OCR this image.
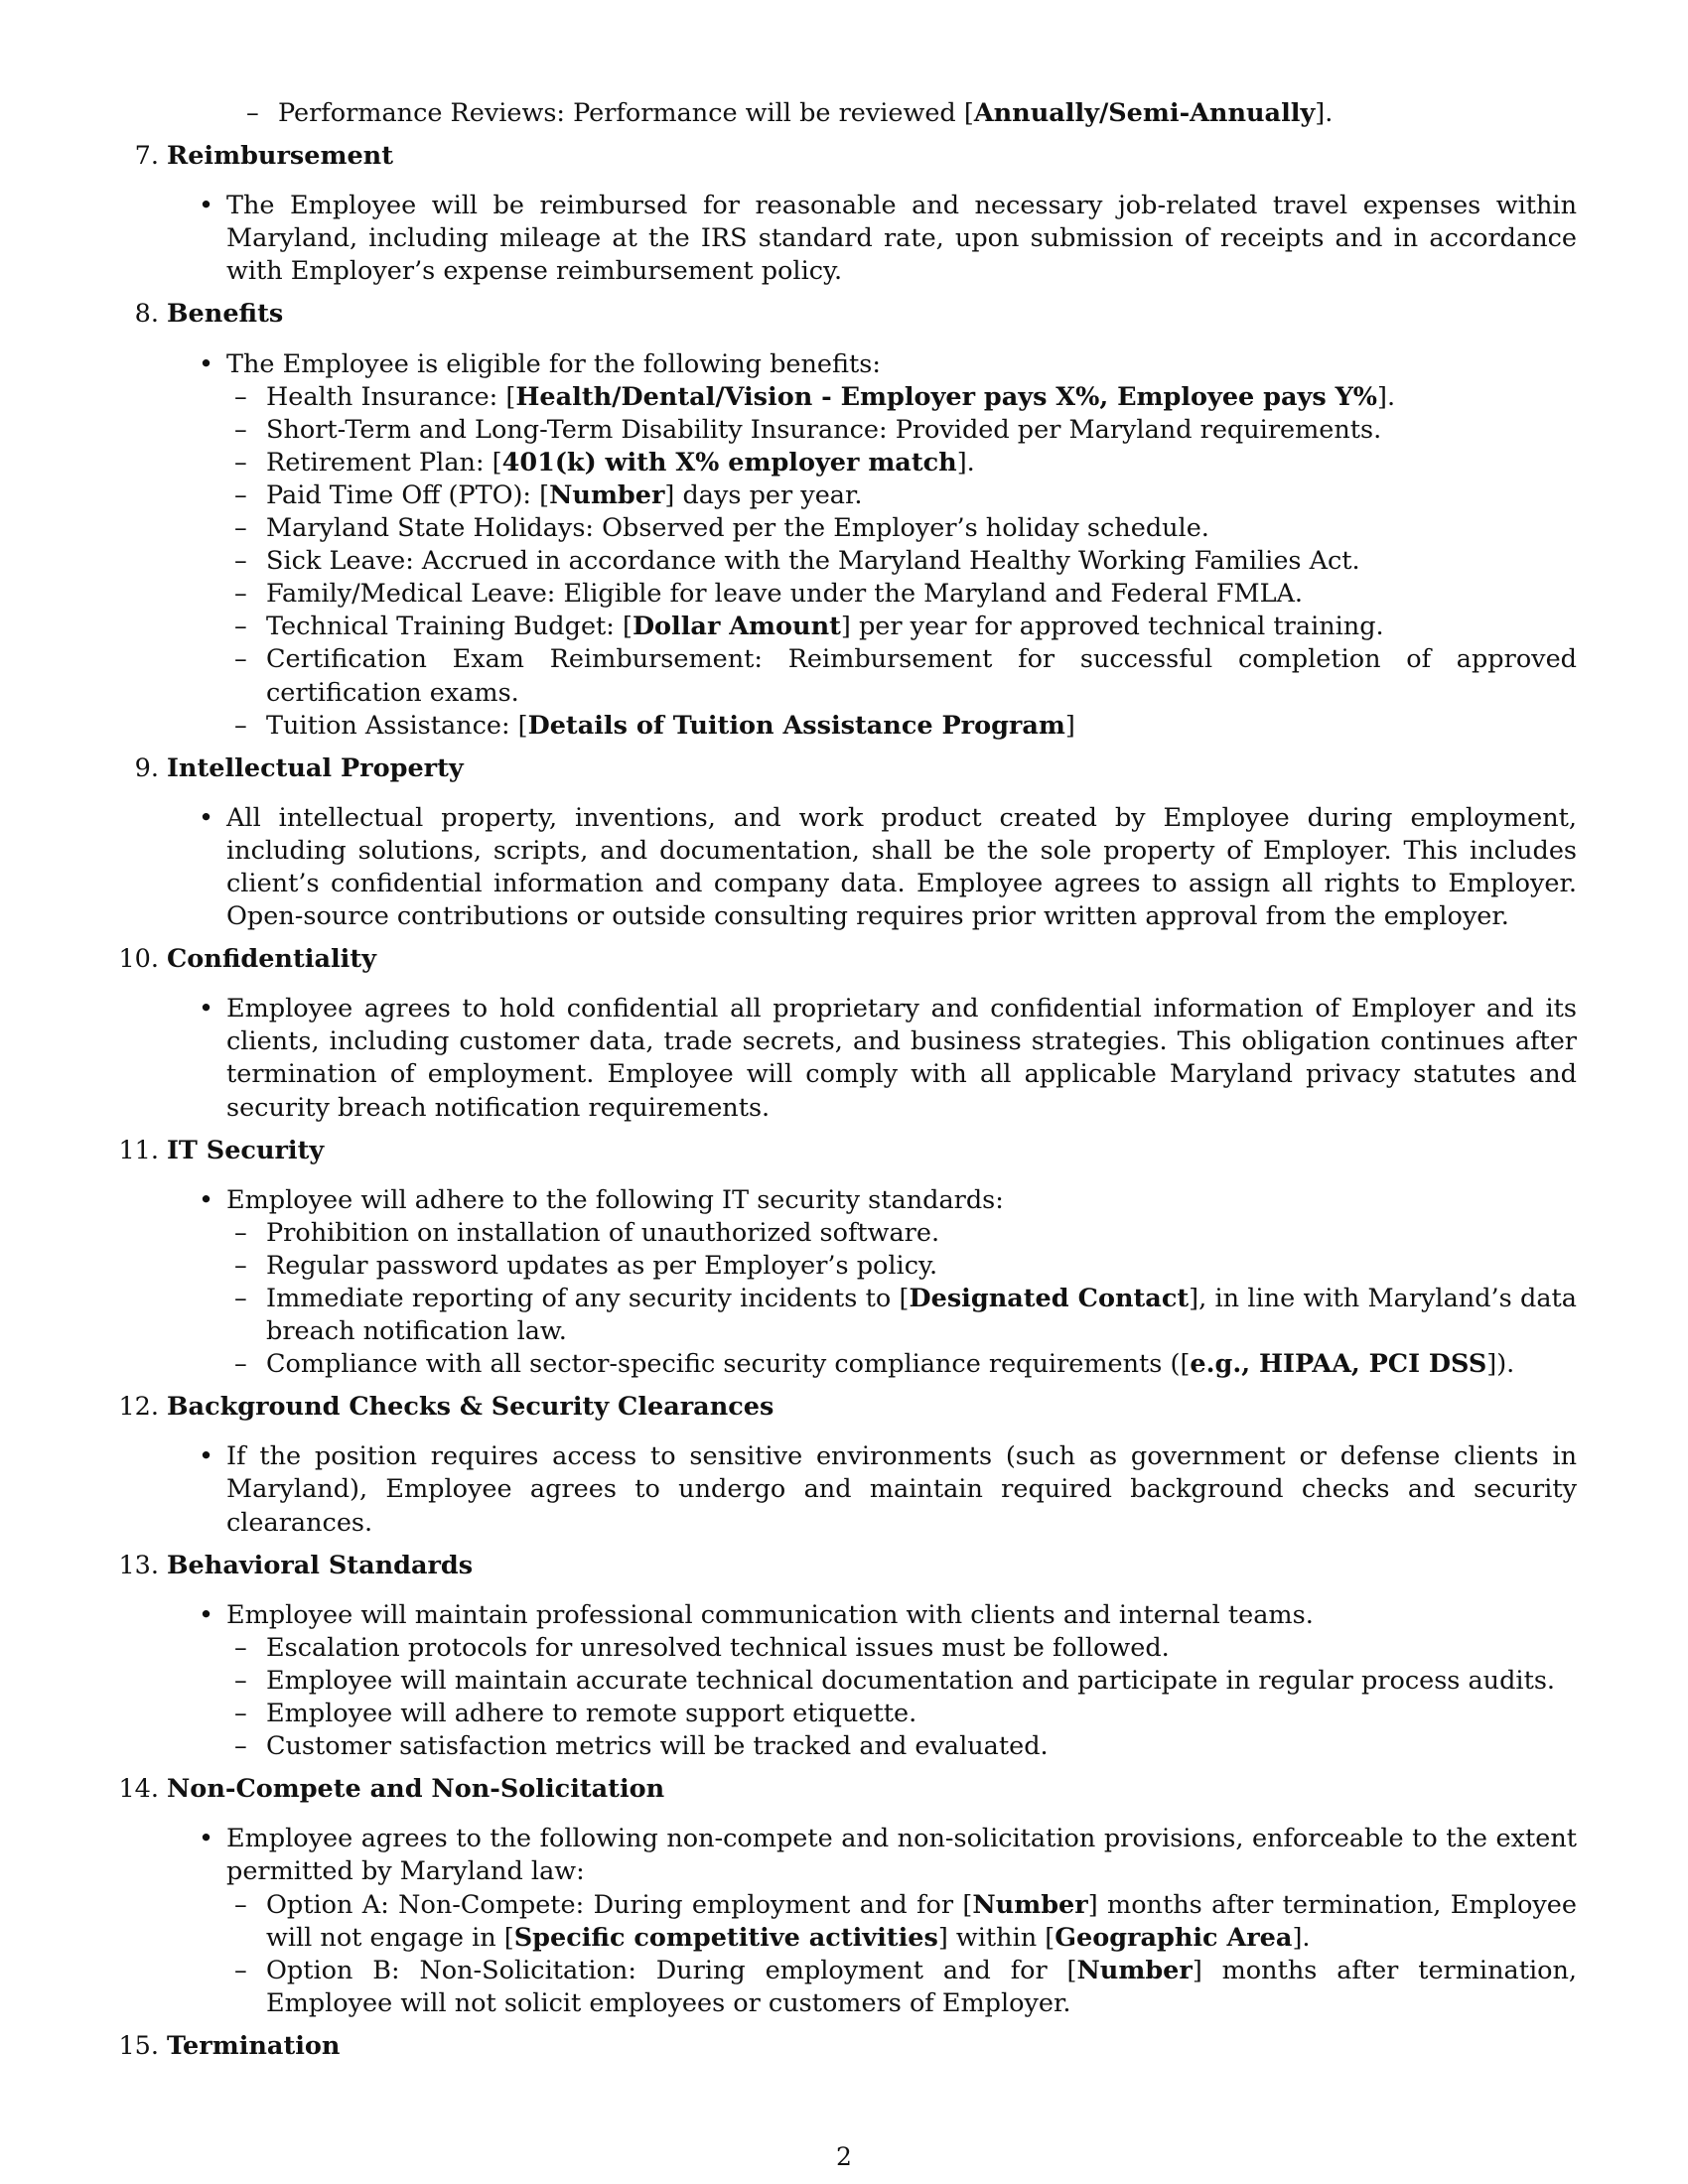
– Performance Reviews: Performance will be reviewed [Annually/Semi-Annually].
7. Reimbursement
• The Employee will be reimbursed for reasonable and necessary job-related travel expenses within Maryland, including mileage at the IRS standard rate, upon submission of receipts and in accordance with Employer’s expense reimbursement policy.
8. Benefits
• The Employee is eligible for the following benefits:
– Health Insurance: [Health/Dental/Vision - Employer pays X%, Employee pays Y%].
– Short-Term and Long-Term Disability Insurance: Provided per Maryland requirements.
– Retirement Plan: [401(k) with X% employer match].
– Paid Time Off (PTO): [Number] days per year.
– Maryland State Holidays: Observed per the Employer’s holiday schedule.
– Sick Leave: Accrued in accordance with the Maryland Healthy Working Families Act.
– Family/Medical Leave: Eligible for leave under the Maryland and Federal FMLA.
– Technical Training Budget: [Dollar Amount] per year for approved technical training.
– Certification Exam Reimbursement: Reimbursement for successful completion of approved certification exams.
– Tuition Assistance: [Details of Tuition Assistance Program]
9. Intellectual Property
• All intellectual property, inventions, and work product created by Employee during employment, including solutions, scripts, and documentation, shall be the sole property of Employer. This includes client’s confidential information and company data. Employee agrees to assign all rights to Employer. Open-source contributions or outside consulting requires prior written approval from the employer.
10. Confidentiality
• Employee agrees to hold confidential all proprietary and confidential information of Employer and its clients, including customer data, trade secrets, and business strategies. This obligation continues after termination of employment. Employee will comply with all applicable Maryland privacy statutes and security breach notification requirements.
11. IT Security
• Employee will adhere to the following IT security standards:
– Prohibition on installation of unauthorized software.
– Regular password updates as per Employer’s policy.
– Immediate reporting of any security incidents to [Designated Contact], in line with Maryland’s data breach notification law.
– Compliance with all sector-specific security compliance requirements ([e.g., HIPAA, PCI DSS]).
12. Background Checks & Security Clearances
• If the position requires access to sensitive environments (such as government or defense clients in Maryland), Employee agrees to undergo and maintain required background checks and security clearances.
13. Behavioral Standards
• Employee will maintain professional communication with clients and internal teams.
– Escalation protocols for unresolved technical issues must be followed.
– Employee will maintain accurate technical documentation and participate in regular process audits.
– Employee will adhere to remote support etiquette.
– Customer satisfaction metrics will be tracked and evaluated.
14. Non-Compete and Non-Solicitation
• Employee agrees to the following non-compete and non-solicitation provisions, enforceable to the extent permitted by Maryland law:
– Option A: Non-Compete: During employment and for [Number] months after termination, Employee will not engage in [Specific competitive activities] within [Geographic Area].
– Option B: Non-Solicitation: During employment and for [Number] months after termination, Employee will not solicit employees or customers of Employer.
15. Termination
2
